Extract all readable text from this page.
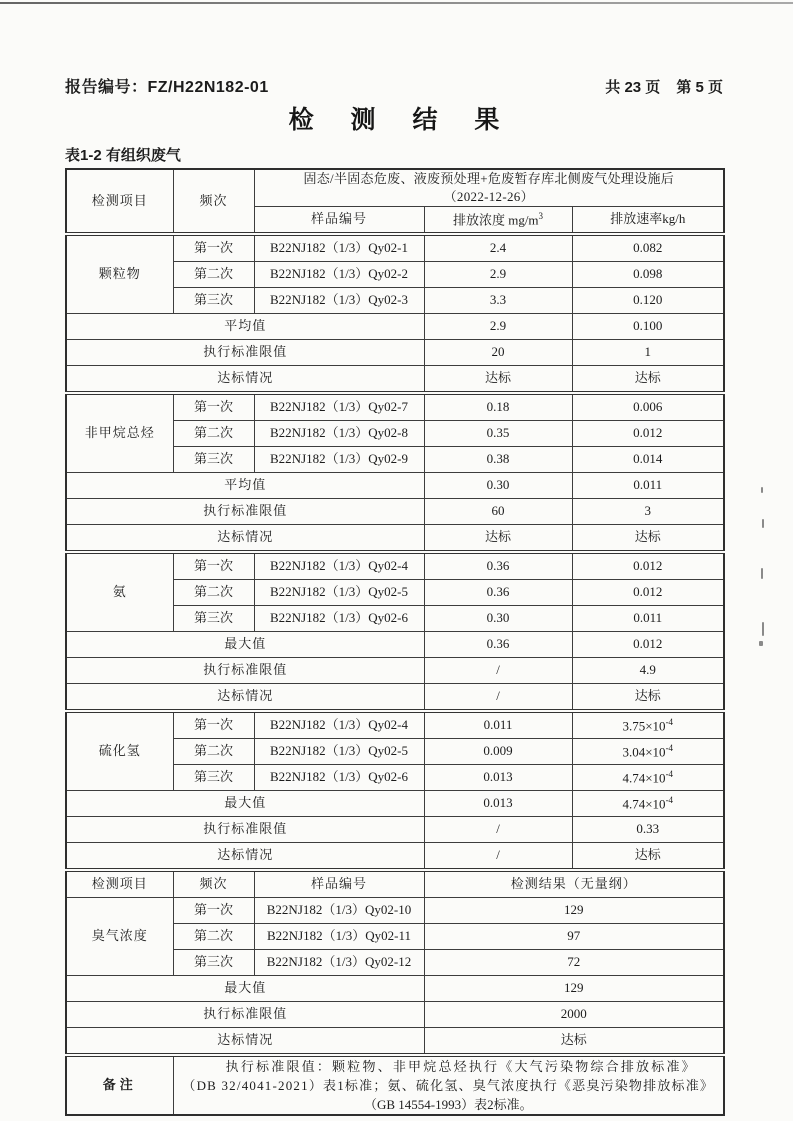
报告编号：FZ/H22N182-01	共 23 页 第 5 页
检 测 结 果
表1-2 有组织废气
检测项目	频次	固态/半固态危废、液废预处理+危废暂存库北侧废气处理设施后
（2022-12-26）		

		样品编号	排放浓度 $mg/m^3$	排放速率kg/h
颗粒物	第一次	B22NJ182（1/3）Qy02-1	2.4	0.082
	第二次	B22NJ182（1/3）Qy02-2	2.9	0.098
	第三次	B22NJ182（1/3）Qy02-3	3.3	0.120
平均值			2.9	0.100
执行标准限值			20	1
达标情况			达标	达标
非甲烷总烃	第一次	B22NJ182（1/3）Qy02-7	0.18	0.006
	第二次	B22NJ182（1/3）Qy02-8	0.35	0.012
	第三次	B22NJ182（1/3）Qy02-9	0.38	0.014
平均值			0.30	0.011
执行标准限值			60	3
达标情况			达标	达标
氨	第一次	B22NJ182（1/3）Qy02-4	0.36	0.012
	第二次	B22NJ182（1/3）Qy02-5	0.36	0.012
	第三次	B22NJ182（1/3）Qy02-6	0.30	0.011
最大值			0.36	0.012
执行标准限值			/	4.9
达标情况			/	达标
硫化氢	第一次	B22NJ182（1/3）Qy02-4	0.011	$3.75\times 10^{-4}$
	第二次	B22NJ182（1/3）Qy02-5	0.009	$3.04\times 10^{-4}$
	第三次	B22NJ182（1/3）Qy02-6	0.013	$4.74\times 10^{-4}$
最大值			0.013	$4.74\times 10^{-4}$
执行标准限值			/	0.33
达标情况			/	达标
检测项目	频次	样品编号	检测结果（无量纲）	
臭气浓度	第一次	B22NJ182（1/3）Qy02-10	129	
	第二次	B22NJ182（1/3）Qy02-11	97	
	第三次	B22NJ182（1/3）Qy02-12	72	
最大值			129	
执行标准限值			2000	
达标情况			达标	
备注	执行标准限值：颗粒物、非甲烷总烃执行《大气污染物综合排放标准》
（DB 32/4041-2021）表1标准；氨、硫化氢、臭气浓度执行《恶臭污染物排放标准》
（GB 14554-1993）表2标准。			
